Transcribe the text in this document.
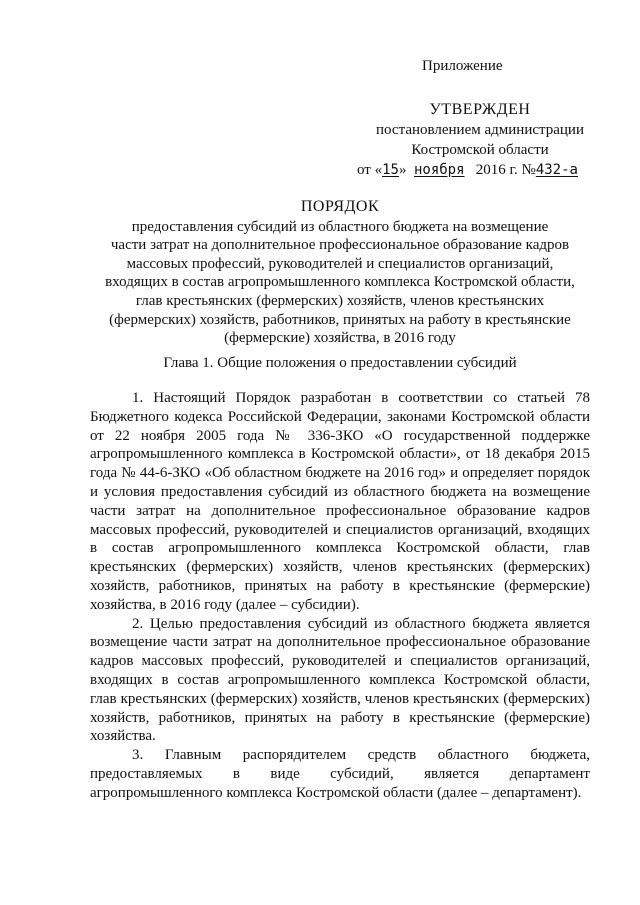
Приложение
УТВЕРЖДЕН
постановлением администрации
Костромской области
от «15» ноября 2016 г. №432-а
ПОРЯДОК
предоставления субсидий из областного бюджета на возмещение
части затрат на дополнительное профессиональное образование кадров
массовых профессий, руководителей и специалистов организаций,
входящих в состав агропромышленного комплекса Костромской области,
глав крестьянских (фермерских) хозяйств, членов крестьянских
(фермерских) хозяйств, работников, принятых на работу в крестьянские
(фермерские) хозяйства, в 2016 году
Глава 1. Общие положения о предоставлении субсидий

1. Настоящий Порядок разработан в соответствии со статьей 78 Бюджетного кодекса Российской Федерации, законами Костромской области от 22 ноября 2005 года № 336-ЗКО «О государственной поддержке агропромышленного комплекса в Костромской области», от 18 декабря 2015 года № 44-6-ЗКО «Об областном бюджете на 2016 год» и определяет порядок и условия предоставления субсидий из областного бюджета на возмещение части затрат на дополнительное профессиональное образование кадров массовых профессий, руководителей и специалистов организаций, входящих в состав агропромышленного комплекса Костромской области, глав крестьянских (фермерских) хозяйств, членов крестьянских (фермерских) хозяйств, работников, принятых на работу в крестьянские (фермерские) хозяйства, в 2016 году (далее – субсидии).

2. Целью предоставления субсидий из областного бюджета является возмещение части затрат на дополнительное профессиональное образование кадров массовых профессий, руководителей и специалистов организаций, входящих в состав агропромышленного комплекса Костромской области, глав крестьянских (фермерских) хозяйств, членов крестьянских (фермерских) хозяйств, работников, принятых на работу в крестьянские (фермерские) хозяйства.

3. Главным распорядителем средств областного бюджета, предоставляемых в виде субсидий, является департамент агропромышленного комплекса Костромской области (далее – департамент).
